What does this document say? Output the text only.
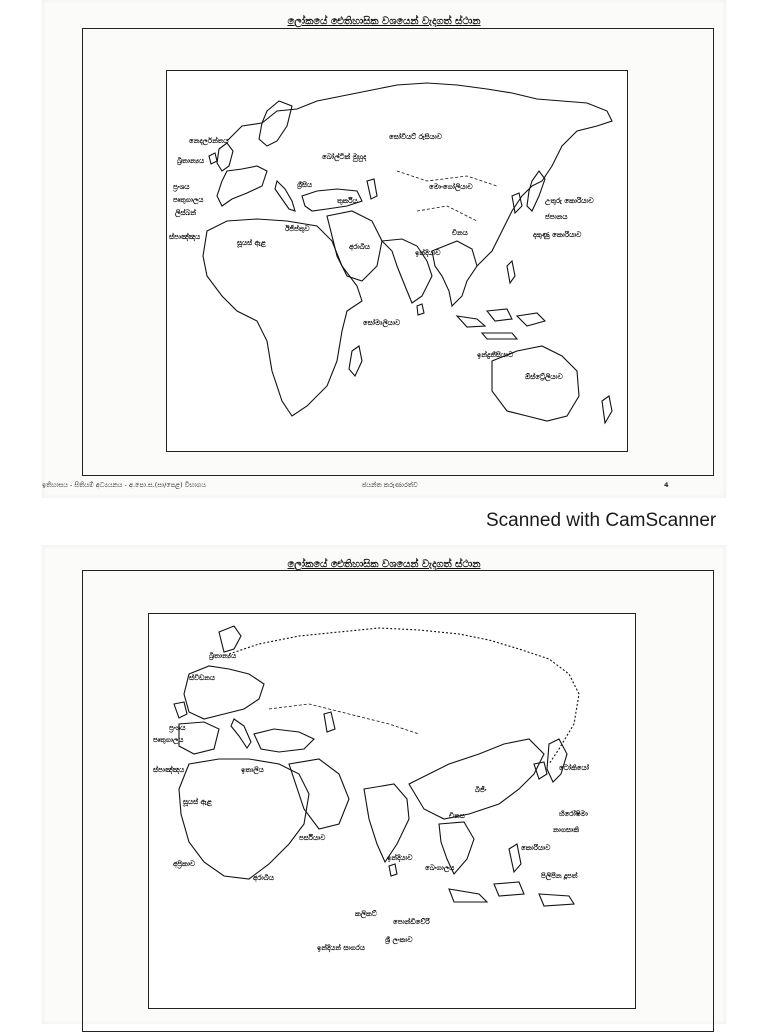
ලෝකයේ ඓතිහාසික වශයෙන් වැදගත් ස්ථාන
නෙදර්ලන්තය
බ්‍රිතාන්‍යය
ප්‍රංශය
පෘතුගාලය
ලිස්බන්
ස්පාඤ්ඤය
බෝල්ටික් මුහුද
සෝවියට් රුසියාව
මොංගෝලියාව
චීනය
උතුරු කොරියාව
ජපානය
දකුණු කොරියාව
ඉන්දියාව
සෝමාලියාව
ඉන්දුනීසියාව
ඕස්ට්‍රේලියාව
ග්‍රීසිය
තුර්කිය
ඊජිප්තුව
අරාබිය
සූයස් ඇළ
ඉතිහාසය - සිතියම් අධ්‍යයනය - අ.පො.ස.(සා/පෙළ) විභාගය	ජයන්ත කරුණාරත්ව	4
Scanned with CamScanner
ලෝකයේ ඓතිහාසික වශයෙන් වැදගත් ස්ථාන
බ්‍රිතාන්‍යය
ස්වීඩනය
ප්‍රංශය
පෘතුගාලය
ස්පාඤ්ඤය	ඉතාලිය
සූයස් ඇළ
අරාබිය
අප්‍රිකාව
පර්සියාව
චීනය
බීජිං
ටෝකියෝ
හිරෝෂිමා
නාගසාකි
කොරියාව
ඉන්දියාව
ශ්‍රී ලංකාව
පිලිපීන දූපත්
ඉන්දියන් සාගරය
බෙංගාලය
කලිකට්
පොන්ඩිචේරි
